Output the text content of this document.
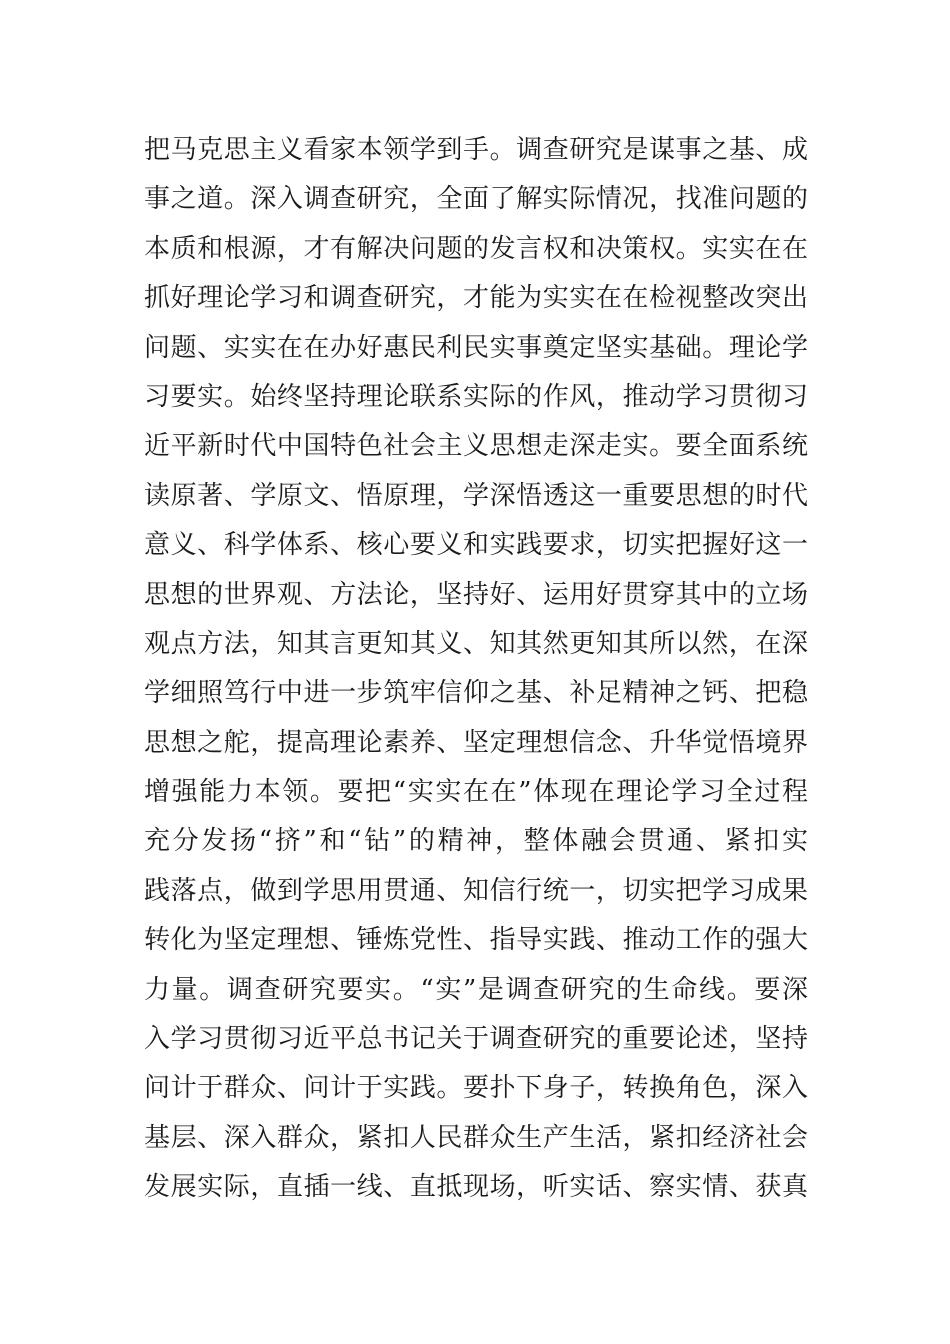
把马克思主义看家本领学到手。调查研究是谋事之基、成
事之道。深入调查研究，全面了解实际情况，找准问题的
本质和根源，才有解决问题的发言权和决策权。实实在在
抓好理论学习和调查研究，才能为实实在在检视整改突出
问题、实实在在办好惠民利民实事奠定坚实基础。理论学
习要实。始终坚持理论联系实际的作风，推动学习贯彻习
近平新时代中国特色社会主义思想走深走实。要全面系统
读原著、学原文、悟原理，学深悟透这一重要思想的时代
意义、科学体系、核心要义和实践要求，切实把握好这一
思想的世界观、方法论，坚持好、运用好贯穿其中的立场
观点方法，知其言更知其义、知其然更知其所以然，在深
学细照笃行中进一步筑牢信仰之基、补足精神之钙、把稳
思想之舵，提高理论素养、坚定理想信念、升华觉悟境界
增强能力本领。要把“实实在在”体现在理论学习全过程
充分发扬“挤”和“钻”的精神，整体融会贯通、紧扣实
践落点，做到学思用贯通、知信行统一，切实把学习成果
转化为坚定理想、锤炼党性、指导实践、推动工作的强大
力量。调查研究要实。“实”是调查研究的生命线。要深
入学习贯彻习近平总书记关于调查研究的重要论述，坚持
问计于群众、问计于实践。要扑下身子，转换角色，深入
基层、深入群众，紧扣人民群众生产生活，紧扣经济社会
发展实际，直插一线、直抵现场，听实话、察实情、获真
